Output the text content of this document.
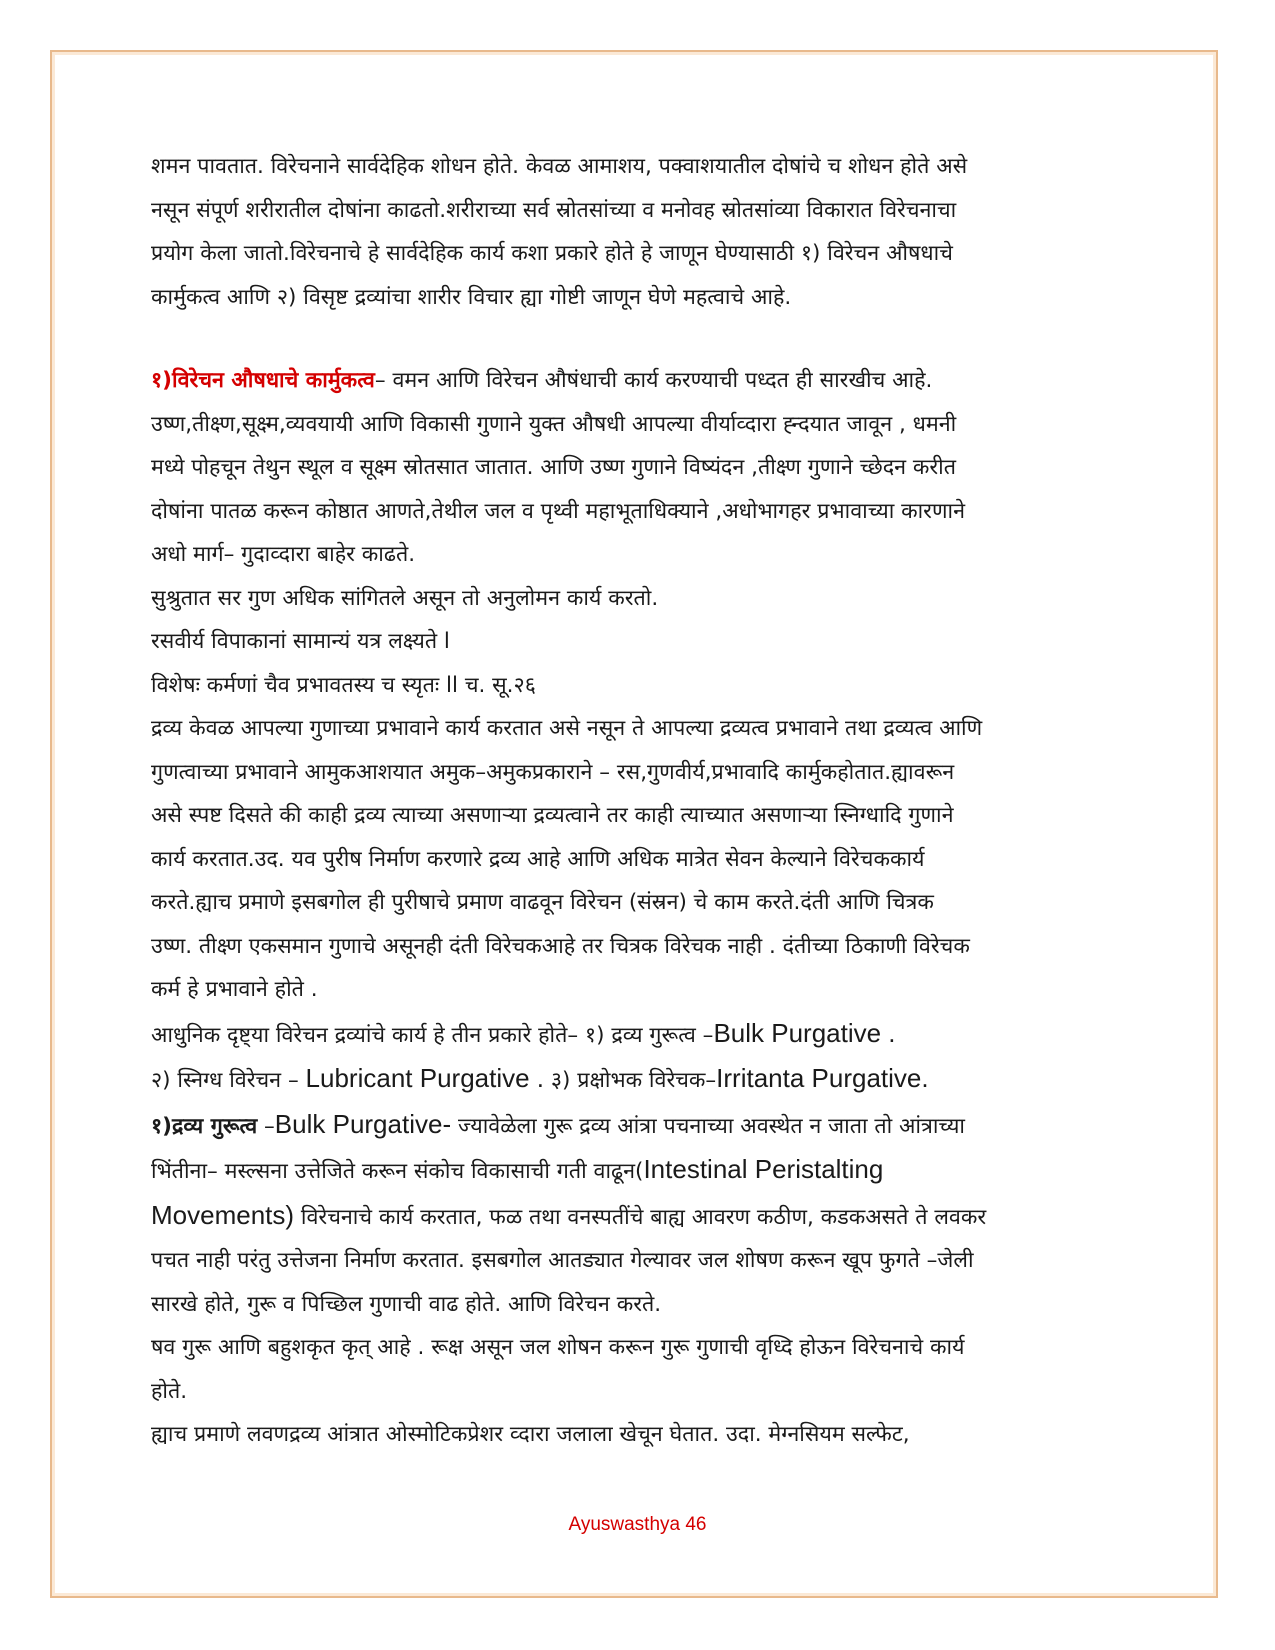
शमन पावतात. विरेचनाने सार्वदेहिक शोधन होते. केवळ आमाशय, पक्वाशयातील दोषांचे च शोधन होते असे

नसून संपूर्ण शरीरातील दोषांना काढतो.शरीराच्या सर्व स्रोतसांच्या व मनोवह स्रोतसांव्या विकारात विरेचनाचा

प्रयोग केला जातो.विरेचनाचे हे सार्वदेहिक कार्य कशा प्रकारे होते हे जाणून घेण्यासाठी १) विरेचन औषधाचे

कार्मुकत्व आणि २) विसृष्ट द्रव्यांचा शारीर विचार ह्या गोष्टी जाणून घेणे महत्वाचे आहे.

१)विरेचन औषधाचे कार्मुकत्व– वमन आणि विरेचन औषंधाची कार्य करण्याची पध्दत ही सारखीच आहे.

उष्ण,तीक्ष्ण,सूक्ष्म,व्यवयायी आणि विकासी गुणाने युक्त औषधी आपल्या वीर्याव्दारा ह्न्दयात जावून , धमनी

मध्ये पोहचून तेथुन स्थूल व सूक्ष्म स्रोतसात जातात. आणि उष्ण गुणाने विष्यंदन ,तीक्ष्ण गुणाने च्छेदन करीत

दोषांना पातळ करून कोष्ठात आणते,तेथील जल व पृथ्वी महाभूताधिक्याने ,अधोभागहर प्रभावाच्या कारणाने

अधो मार्ग– गुदाव्दारा बाहेर काढते.

सुश्रुतात सर गुण अधिक सांगितले असून तो अनुलोमन कार्य करतो.

रसवीर्य विपाकानां सामान्यं यत्र लक्ष्यते l

विशेषः कर्मणां चैव प्रभावतस्य च स्यृतः ll च. सू.२६

द्रव्य केवळ आपल्या गुणाच्या प्रभावाने कार्य करतात असे नसून ते आपल्या द्रव्यत्व प्रभावाने तथा द्रव्यत्व आणि

गुणत्वाच्या प्रभावाने आमुकआशयात अमुक–अमुकप्रकाराने – रस,गुणवीर्य,प्रभावादि कार्मुकहोतात.ह्यावरून

असे स्पष्ट दिसते की काही द्रव्य त्याच्या असणाऱ्या द्रव्यत्वाने तर काही त्याच्यात असणाऱ्या स्निग्धादि गुणाने

कार्य करतात.उद. यव पुरीष निर्माण करणारे द्रव्य आहे आणि अधिक मात्रेत सेवन केल्याने विरेचककार्य

करते.ह्याच प्रमाणे इसबगोल ही पुरीषाचे प्रमाण वाढवून विरेचन (संस्रन) चे काम करते.दंती आणि चित्रक

उष्ण. तीक्ष्ण एकसमान गुणाचे असूनही दंती विरेचकआहे तर चित्रक विरेचक नाही . दंतीच्या ठिकाणी विरेचक

कर्म हे प्रभावाने होते .

आधुनिक दृष्ट्या विरेचन द्रव्यांचे कार्य हे तीन प्रकारे होते– १) द्रव्य गुरूत्व –Bulk Purgative .

२) स्निग्ध विरेचन – Lubricant Purgative . ३) प्रक्षोभक विरेचक–Irritanta Purgative.

१)द्रव्य गुरूत्व –Bulk Purgative- ज्यावेळेला गुरू द्रव्य आंत्रा पचनाच्या अवस्थेत न जाता तो आंत्राच्या

भिंतीना– मस्ल्सना उत्तेजिते करून संकोच विकासाची गती वाढून(Intestinal Peristalting

Movements) विरेचनाचे कार्य करतात, फळ तथा वनस्पतींचे बाह्य आवरण कठीण, कडकअसते ते लवकर

पचत नाही परंतु उत्तेजना निर्माण करतात. इसबगोल आतड्यात गेल्यावर जल शोषण करून खूप फुगते –जेली

सारखे होते, गुरू व पिच्छिल गुणाची वाढ होते. आणि विरेचन करते.

षव गुरू आणि बहुशकृत कृत् आहे . रूक्ष असून जल शोषन करून गुरू गुणाची वृध्दि होऊन विरेचनाचे कार्य

होते.

ह्याच प्रमाणे लवणद्रव्य आंत्रात ओस्मोटिकप्रेशर व्दारा जलाला खेचून घेतात. उदा. मेग्नसियम सल्फेट,

Ayuswasthya 46
